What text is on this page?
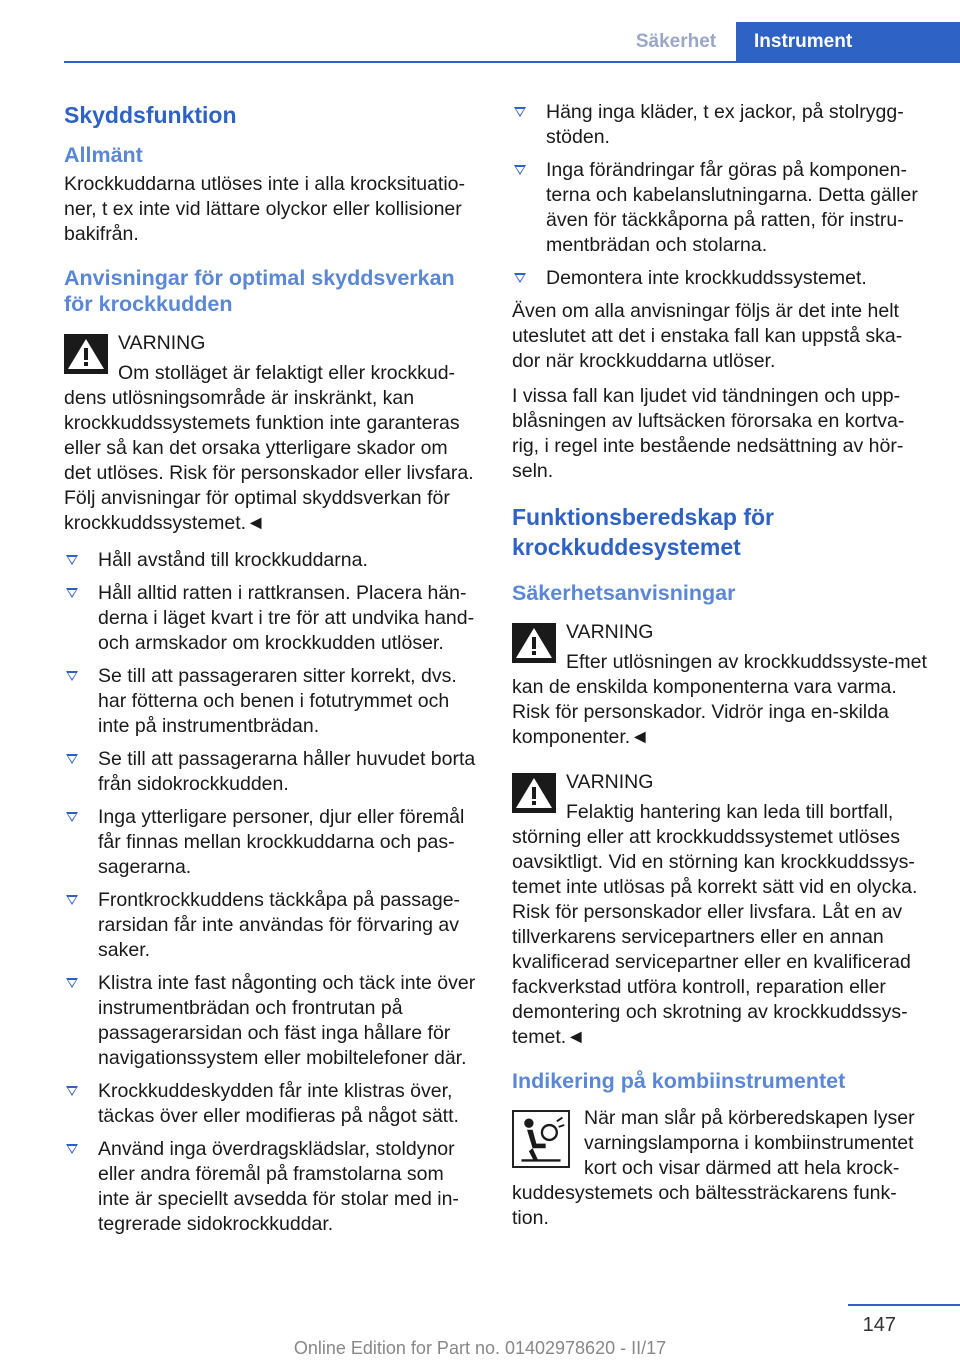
Säkerhet	Instrument
Skyddsfunktion
Allmänt

Krockkuddarna utlöses inte i alla krocksituatio-ner, t ex inte vid lättare olyckor eller kollisioner bakifrån.

Anvisningar för optimal skyddsverkan för krockkudden
VARNING
Om stolläget är felaktigt eller krockkud-dens utlösningsområde är inskränkt, kan krockkuddssystemets funktion inte garanteras eller så kan det orsaka ytterligare skador om det utlöses. Risk för personskador eller livsfara. Följ anvisningar för optimal skyddsverkan för krockkuddssystemet.◄
Håll avstånd till krockkuddarna.
Håll alltid ratten i rattkransen. Placera hän-derna i läget kvart i tre för att undvika hand- och armskador om krockkudden utlöser.
Se till att passageraren sitter korrekt, dvs. har fötterna och benen i fotutrymmet och inte på instrumentbrädan.
Se till att passagerarna håller huvudet borta från sidokrockkudden.
Inga ytterligare personer, djur eller föremål får finnas mellan krockkuddarna och pas-sagerarna.
Frontkrockkuddens täckkåpa på passage-rarsidan får inte användas för förvaring av saker.
Klistra inte fast någonting och täck inte över instrumentbrädan och frontrutan på passagerarsidan och fäst inga hållare för navigationssystem eller mobiltelefoner där.
Krockkuddeskydden får inte klistras över, täckas över eller modifieras på något sätt.
Använd inga överdragsklädslar, stoldynor eller andra föremål på framstolarna som inte är speciellt avsedda för stolar med in-tegrerade sidokrockkuddar.
Häng inga kläder, t ex jackor, på stolrygg-stöden.
Inga förändringar får göras på komponen-terna och kabelanslutningarna. Detta gäller även för täckkåporna på ratten, för instru-mentbrädan och stolarna.
Demontera inte krockkuddssystemet.

Även om alla anvisningar följs är det inte helt uteslutet att det i enstaka fall kan uppstå ska-dor när krockkuddarna utlöser.

I vissa fall kan ljudet vid tändningen och upp-blåsningen av luftsäcken förorsaka en kortva-rig, i regel inte bestående nedsättning av hör-seln.

Funktionsberedskap för krockkuddesystemet
Säkerhetsanvisningar
VARNING
Efter utlösningen av krockkuddssyste-met kan de enskilda komponenterna vara varma. Risk för personskador. Vidrör inga en-skilda komponenter.◄
VARNING
Felaktig hantering kan leda till bortfall, störning eller att krockkuddssystemet utlöses oavsiktligt. Vid en störning kan krockkuddssys-temet inte utlösas på korrekt sätt vid en olycka. Risk för personskador eller livsfara. Låt en av tillverkarens servicepartners eller en annan kvalificerad servicepartner eller en kvalificerad fackverkstad utföra kontroll, reparation eller demontering och skrotning av krockkuddssys-temet.◄
Indikering på kombiinstrumentet
När man slår på körberedskapen lyser varningslamporna i kombiinstrumentet kort och visar därmed att hela krock-kuddesystemets och bältessträckarens funk-tion.
147
Online Edition for Part no. 01402978620 - II/17
